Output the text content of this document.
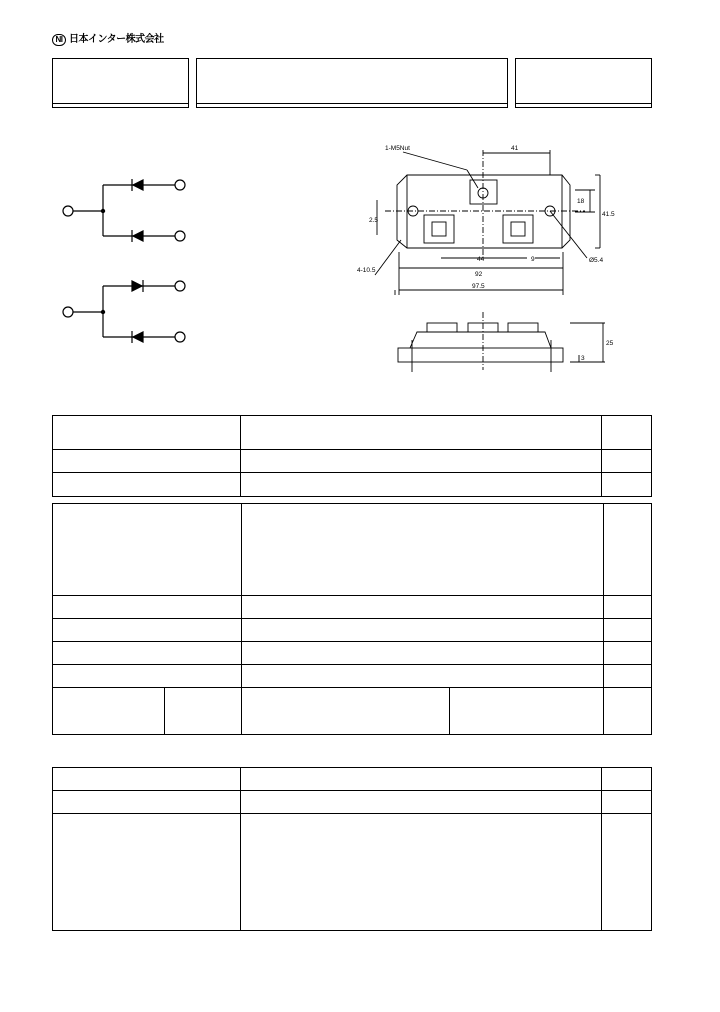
NI 日本インター株式会社
1-M5Nut	41
18
41.5
2.5
44	9
92
97.5
3
4-10.5
Ø5.4
25
